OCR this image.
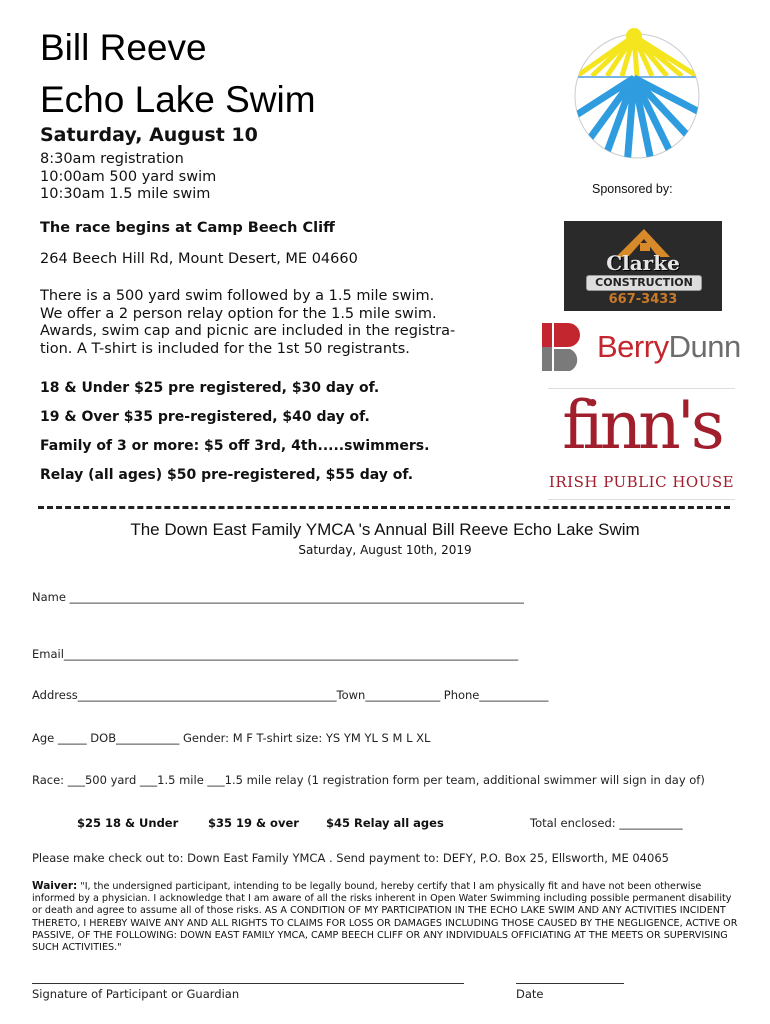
Bill Reeve
Echo Lake Swim
Saturday, August 10
8:30am registration
10:00am 500 yard swim
10:30am 1.5 mile swim
The race begins at Camp Beech Cliff
264 Beech Hill Rd, Mount Desert, ME 04660
There is a 500 yard swim followed by a 1.5 mile swim.
We offer a 2 person relay option for the 1.5 mile swim.
Awards, swim cap and picnic are included in the registra-
tion. A T-shirt is included for the 1st 50 registrants.
18 & Under $25 pre registered, $30 day of.
19 & Over $35 pre-registered, $40 day of.
Family of 3 or more: $5 off 3rd, 4th.....swimmers.
Relay (all ages) $50 pre-registered, $55 day of.
Sponsored by:
Clarke
CONSTRUCTION
667-3433
BerryDunn
finn's
IRISH PUBLIC HOUSE
The Down East Family YMCA 's Annual Bill Reeve Echo Lake Swim
Saturday, August 10th, 2019
Name _______________________________________________________________________________
Email_______________________________________________________________________________
Address_____________________________________________Town_____________ Phone____________
Age _____ DOB___________ Gender: M F T-shirt size: YS YM YL S M L XL
Race: ___500 yard ___1.5 mile ___1.5 mile relay (1 registration form per team, additional swimmer will sign in day of)
$25 18 & Under	$35 19 & over $45 Relay all ages	Total enclosed: ___________
Please make check out to: Down East Family YMCA . Send payment to: DEFY, P.O. Box 25, Ellsworth, ME 04065
Waiver: "I, the undersigned participant, intending to be legally bound, hereby certify that I am physically fit and have not been otherwise informed by a physician. I acknowledge that I am aware of all the risks inherent in Open Water Swimming including possible permanent disability or death and agree to assume all of those risks. AS A CONDITION OF MY PARTICIPATION IN THE ECHO LAKE SWIM AND ANY ACTIVITIES INCIDENT THERETO, I HEREBY WAIVE ANY AND ALL RIGHTS TO CLAIMS FOR LOSS OR DAMAGES INCLUDING THOSE CAUSED BY THE NEGLIGENCE, ACTIVE OR PASSIVE, OF THE FOLLOWING: DOWN EAST FAMILY YMCA, CAMP BEECH CLIFF OR ANY INDIVIDUALS OFFICIATING AT THE MEETS OR SUPERVISING SUCH ACTIVITIES."
Signature of Participant or Guardian	Date
